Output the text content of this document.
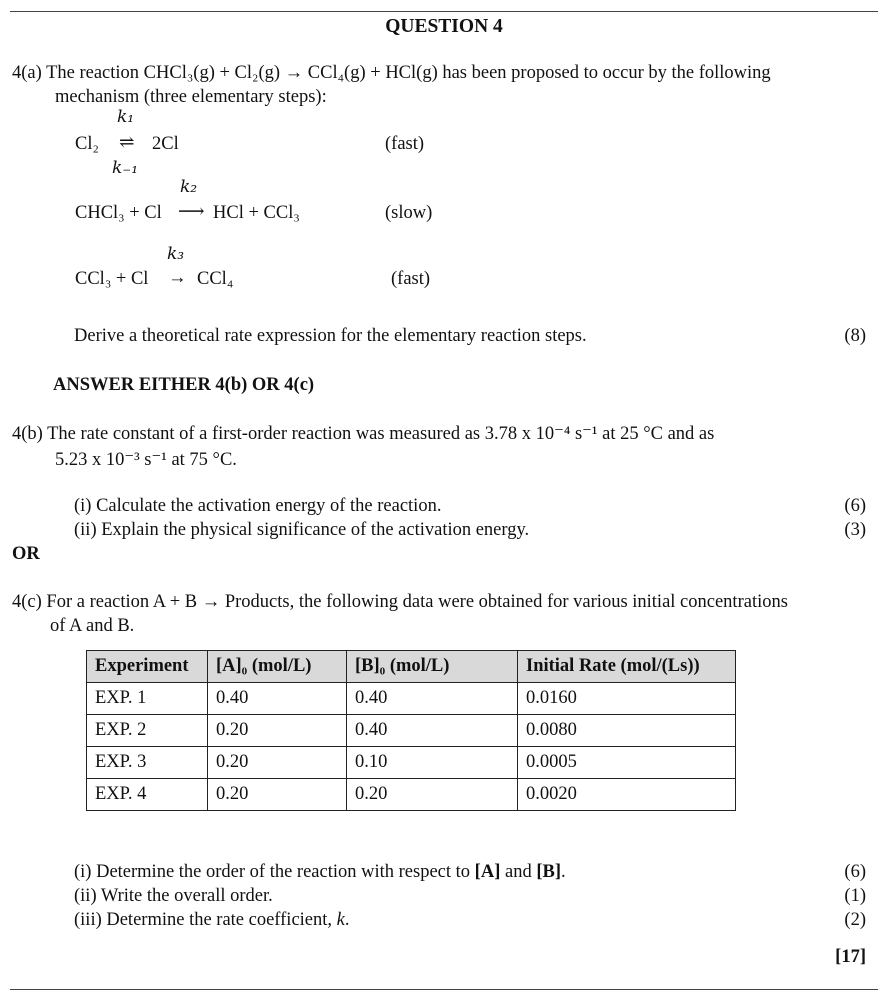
QUESTION 4
4(a) The reaction CHCl₃(g) + Cl₂(g) → CCl₄(g) + HCl(g) has been proposed to occur by the following
mechanism (three elementary steps):
k₁
Cl₂ ⇌ 2Cl	(fast)
k₋₁
k₂
CHCl₃ + Cl ⟶ HCl + CCl₃	(slow)
k₃
CCl₃ + Cl → CCl₄	(fast)
Derive a theoretical rate expression for the elementary reaction steps.	(8)
ANSWER EITHER 4(b) OR 4(c)
4(b) The rate constant of a first-order reaction was measured as 3.78 x 10⁻⁴ s⁻¹ at 25 °C and as
5.23 x 10⁻³ s⁻¹ at 75 °C.
(i) Calculate the activation energy of the reaction.	(6)
(ii) Explain the physical significance of the activation energy.	(3)
OR
4(c) For a reaction A + B → Products, the following data were obtained for various initial concentrations
of A and B.
Experiment	[A]₀ (mol/L)	[B]₀ (mol/L)	Initial Rate (mol/(Ls))
EXP. 1	0.40	0.40	0.0160
EXP. 2	0.20	0.40	0.0080
EXP. 3	0.20	0.10	0.0005
EXP. 4	0.20	0.20	0.0020
(i) Determine the order of the reaction with respect to [A] and [B].	(6)
(ii) Write the overall order.	(1)
(iii) Determine the rate coefficient, k.	(2)
[17]
